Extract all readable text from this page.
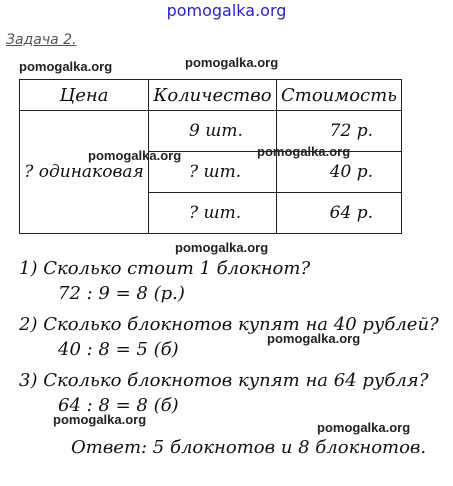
pomogalka.org
Задача 2.
pomogalka.org	pomogalka.org
Цена	Количество	Стоимость
? одинаковая	9 шт.	72 р.
	? шт.	40 р.
	? шт.	64 р.
pomogalka.org	pomogalka.org
pomogalka.org
1) Сколько стоит 1 блокнот?
72 : 9 = 8 (р.)
2) Сколько блокнотов купят на 40 рублей?
40 : 8 = 5 (б)
pomogalka.org
3) Сколько блокнотов купят на 64 рубля?
64 : 8 = 8 (б)
pomogalka.org
pomogalka.org
Ответ: 5 блокнотов и 8 блокнотов.
